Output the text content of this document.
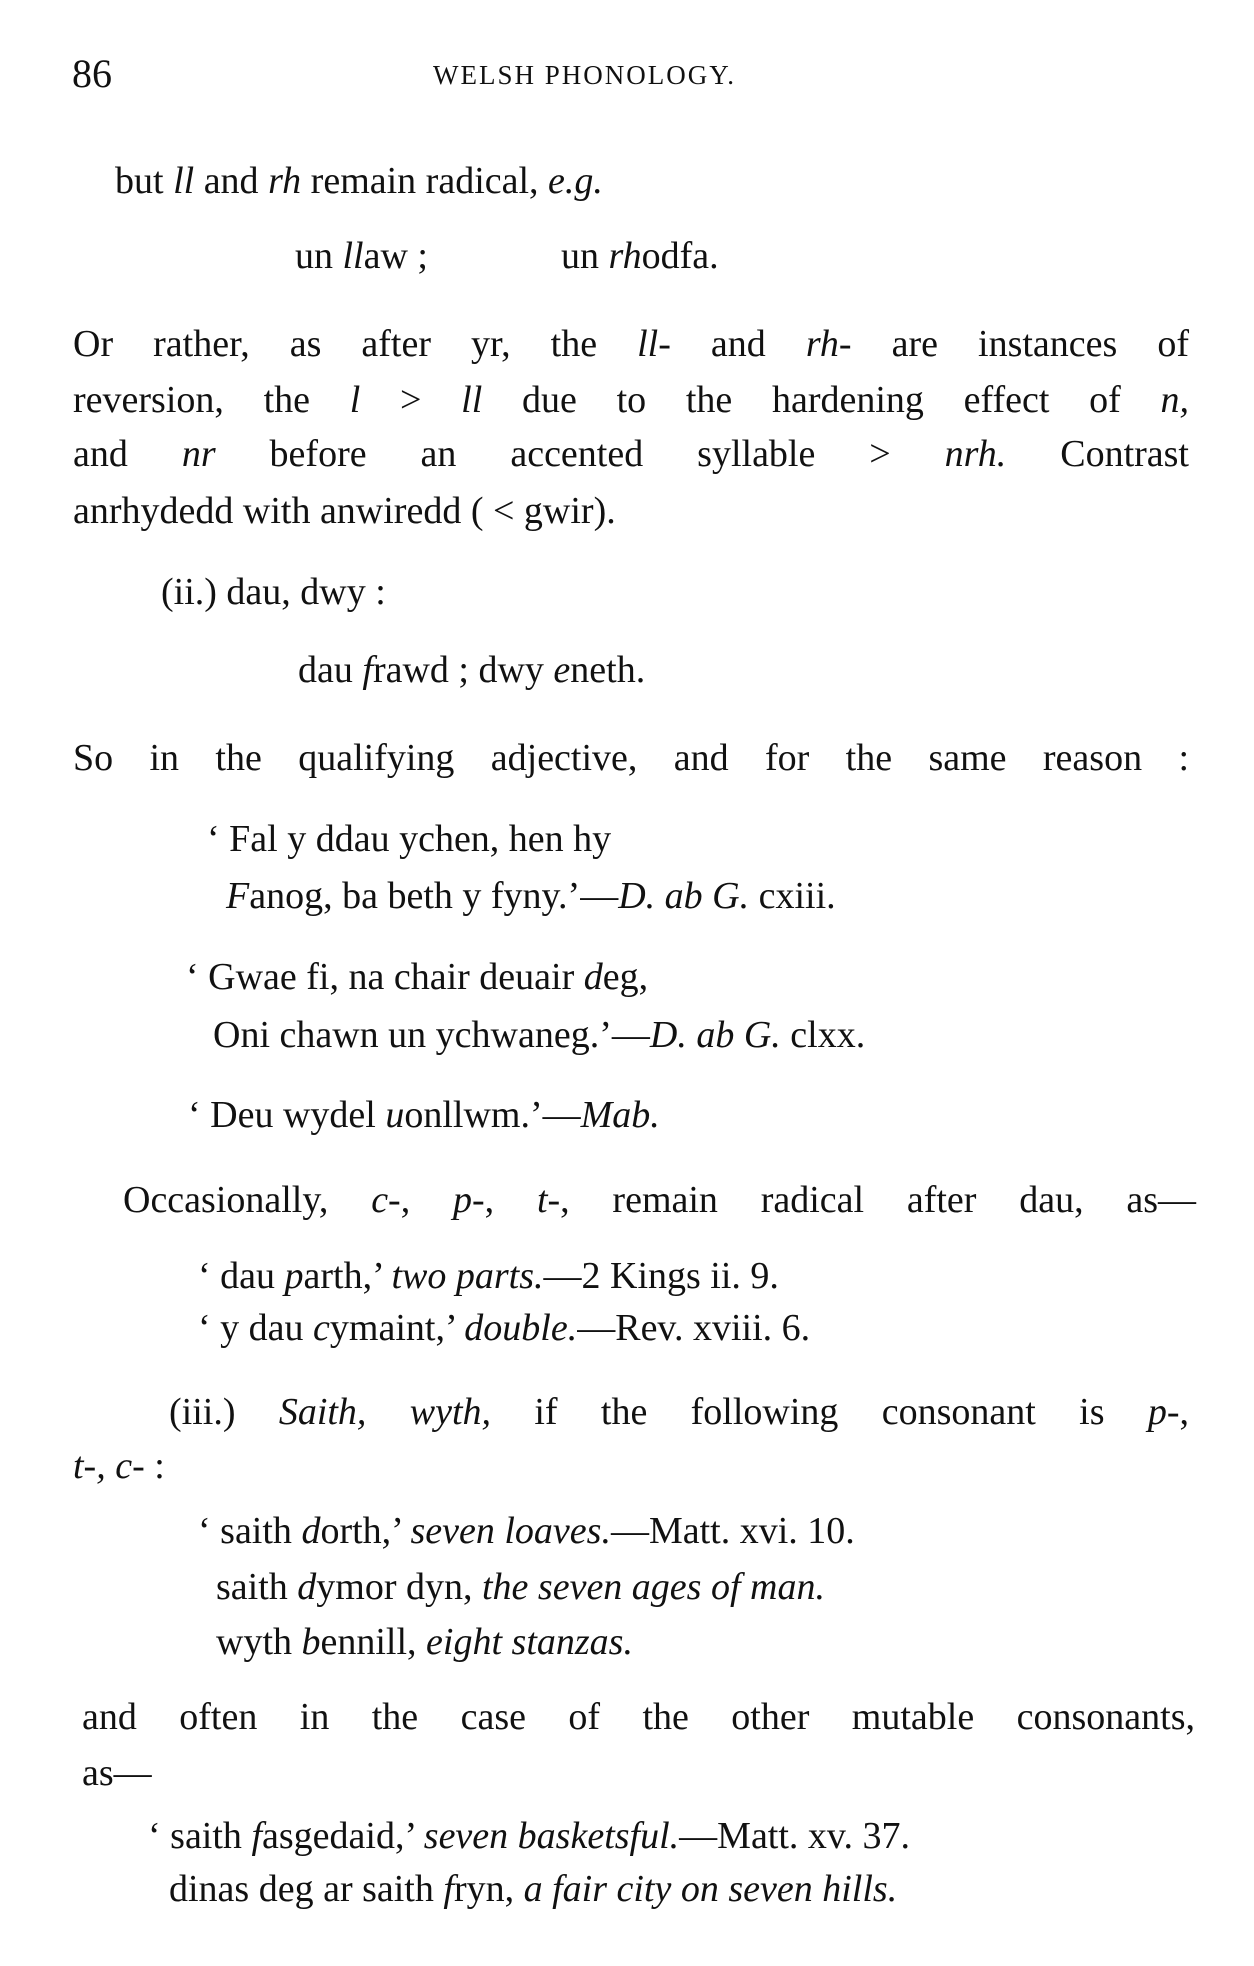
86	WELSH PHONOLOGY.
but ll and rh remain radical, e.g.
un llaw ;	un rhodfa.
Or rather, as after yr, the ll- and rh- are instances of
reversion, the l > ll due to the hardening effect of n,
and nr before an accented syllable > nrh. Contrast
anrhydedd with anwiredd ( < gwir).
(ii.) dau, dwy :
dau frawd ; dwy eneth.
So in the qualifying adjective, and for the same reason :
‘ Fal y ddau ychen, hen hy
Fanog, ba beth y fyny.’—D. ab G. cxiii.
‘ Gwae fi, na chair deuair deg,
Oni chawn un ychwaneg.’—D. ab G. clxx.
‘ Deu wydel uonllwm.’—Mab.
Occasionally, c-, p-, t-, remain radical after dau, as—
‘ dau parth,’ two parts.—2 Kings ii. 9.
‘ y dau cymaint,’ double.—Rev. xviii. 6.
(iii.) Saith, wyth, if the following consonant is p-,
t-, c- :
‘ saith dorth,’ seven loaves.—Matt. xvi. 10.
saith dymor dyn, the seven ages of man.
wyth bennill, eight stanzas.
and often in the case of the other mutable consonants,
as—
‘ saith fasgedaid,’ seven basketsful.—Matt. xv. 37.
dinas deg ar saith fryn, a fair city on seven hills.
